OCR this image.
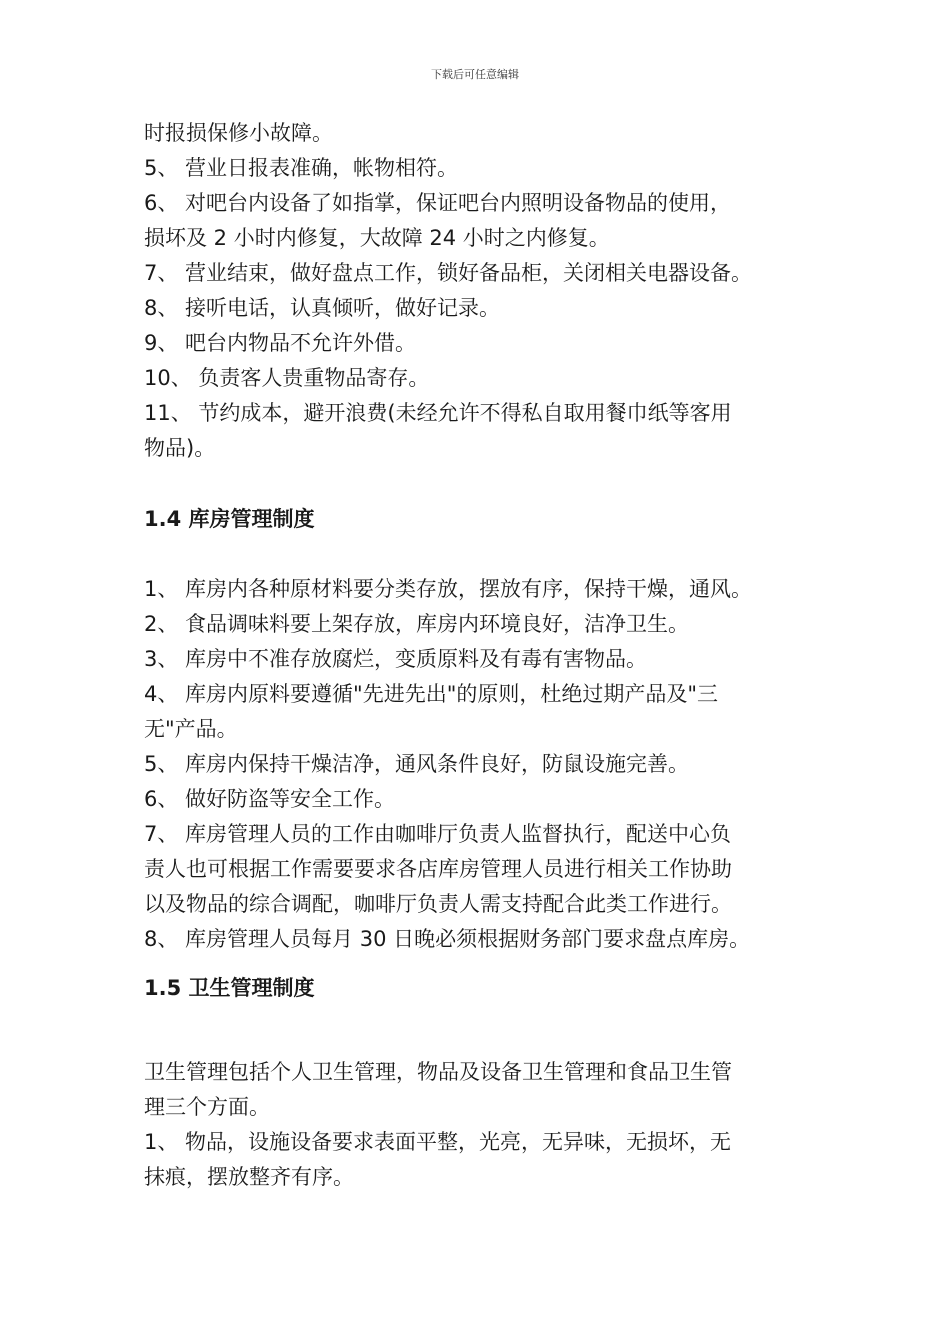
下载后可任意编辑
时报损保修小故障。
5、 营业日报表准确，帐物相符。
6、 对吧台内设备了如指掌，保证吧台内照明设备物品的使用，
损坏及 2 小时内修复，大故障 24 小时之内修复。
7、 营业结束，做好盘点工作，锁好备品柜，关闭相关电器设备。
8、 接听电话，认真倾听，做好记录。
9、 吧台内物品不允许外借。
10、 负责客人贵重物品寄存。
11、 节约成本，避开浪费(未经允许不得私自取用餐巾纸等客用
物品)。
1.4 库房管理制度
1、 库房内各种原材料要分类存放，摆放有序，保持干燥，通风。
2、 食品调味料要上架存放，库房内环境良好，洁净卫生。
3、 库房中不准存放腐烂，变质原料及有毒有害物品。
4、 库房内原料要遵循"先进先出"的原则，杜绝过期产品及"三
无"产品。
5、 库房内保持干燥洁净，通风条件良好，防鼠设施完善。
6、 做好防盗等安全工作。
7、 库房管理人员的工作由咖啡厅负责人监督执行，配送中心负
责人也可根据工作需要要求各店库房管理人员进行相关工作协助
以及物品的综合调配，咖啡厅负责人需支持配合此类工作进行。
8、 库房管理人员每月 30 日晚必须根据财务部门要求盘点库房。
1.5 卫生管理制度
卫生管理包括个人卫生管理，物品及设备卫生管理和食品卫生管
理三个方面。
1、 物品，设施设备要求表面平整，光亮，无异味，无损坏，无
抹痕，摆放整齐有序。
